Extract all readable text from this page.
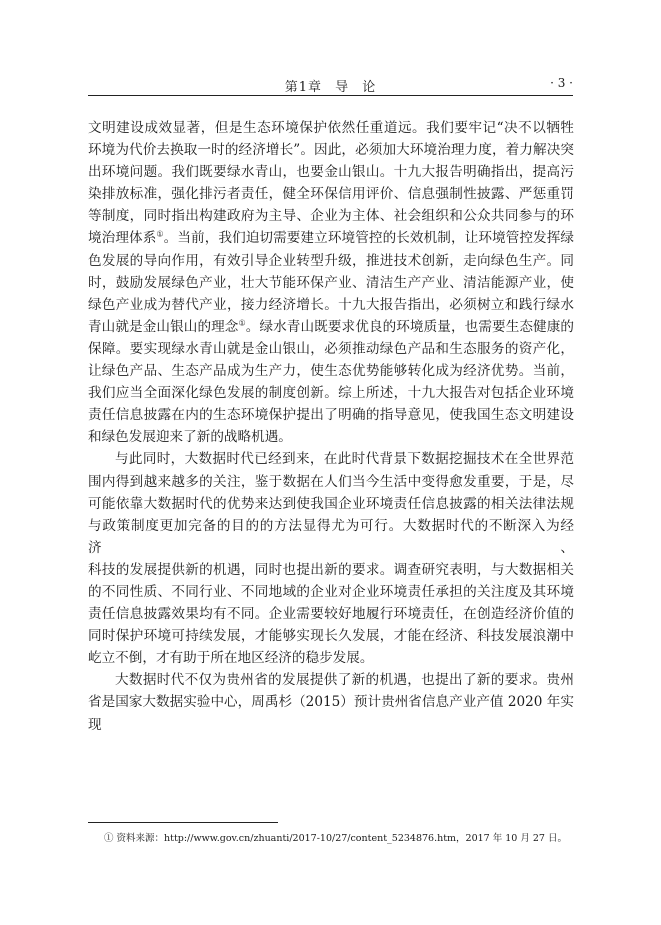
第1章 导 论	· 3 ·

文明建设成效显著，但是生态环境保护依然任重道远。我们要牢记“决不以牺牲

环境为代价去换取一时的经济增长”。因此，必须加大环境治理力度，着力解决突

出环境问题。我们既要绿水青山，也要金山银山。十九大报告明确指出，提高污

染排放标准，强化排污者责任，健全环保信用评价、信息强制性披露、严惩重罚

等制度，同时指出构建政府为主导、企业为主体、社会组织和公众共同参与的环

境治理体系①。当前，我们迫切需要建立环境管控的长效机制，让环境管控发挥绿

色发展的导向作用，有效引导企业转型升级，推进技术创新，走向绿色生产。同

时，鼓励发展绿色产业，壮大节能环保产业、清洁生产产业、清洁能源产业，使

绿色产业成为替代产业，接力经济增长。十九大报告指出，必须树立和践行绿水

青山就是金山银山的理念①。绿水青山既要求优良的环境质量，也需要生态健康的

保障。要实现绿水青山就是金山银山，必须推动绿色产品和生态服务的资产化，

让绿色产品、生态产品成为生产力，使生态优势能够转化成为经济优势。当前，

我们应当全面深化绿色发展的制度创新。综上所述，十九大报告对包括企业环境

责任信息披露在内的生态环境保护提出了明确的指导意见，使我国生态文明建设

和绿色发展迎来了新的战略机遇。

与此同时，大数据时代已经到来，在此时代背景下数据挖掘技术在全世界范

围内得到越来越多的关注，鉴于数据在人们当今生活中变得愈发重要，于是，尽

可能依靠大数据时代的优势来达到使我国企业环境责任信息披露的相关法律法规

与政策制度更加完备的目的的方法显得尤为可行。大数据时代的不断深入为经济、

科技的发展提供新的机遇，同时也提出新的要求。调查研究表明，与大数据相关

的不同性质、不同行业、不同地域的企业对企业环境责任承担的关注度及其环境

责任信息披露效果均有不同。企业需要较好地履行环境责任，在创造经济价值的

同时保护环境可持续发展，才能够实现长久发展，才能在经济、科技发展浪潮中

屹立不倒，才有助于所在地区经济的稳步发展。

大数据时代不仅为贵州省的发展提供了新的机遇，也提出了新的要求。贵州

省是国家大数据实验中心，周禹杉（2015）预计贵州省信息产业产值 2020 年实现

① 资料来源：http://www.gov.cn/zhuanti/2017-10/27/content_5234876.htm，2017 年 10 月 27 日。
